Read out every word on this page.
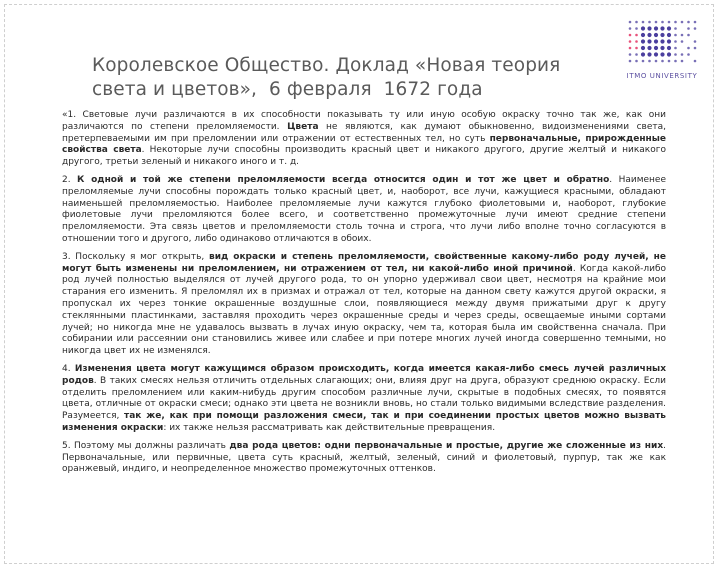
ITMO UNIVERSITY
Королевское Общество. Доклад «Новая теория
света и цветов»,  6 февраля  1672 года

«1. Световые лучи различаются в их способности показывать ту или иную особую окраску точно так же, как они различаются по степени преломляемости. Цвета не являются, как думают обыкновенно, видоизменениями света, претерпеваемыми им при преломлении или отражении от естественных тел, но суть первоначальные, прирожденные свойства света. Некоторые лучи способны производить красный цвет и никакого другого, другие желтый и никакого другого, третьи зеленый и никакого иного и т. д.

2. К одной и той же степени преломляемости всегда относится один и тот же цвет и обратно. Наименее преломляемые лучи способны порождать только красный цвет, и, наоборот, все лучи, кажущиеся красными, обладают наименьшей преломляемостью. Наиболее преломляемые лучи кажутся глубоко фиолетовыми и, наоборот, глубокие фиолетовые лучи преломляются более всего, и соответственно промежуточные лучи имеют средние степени преломляемости. Эта связь цветов и преломляемости столь точна и строга, что лучи либо вполне точно согласуются в отношении того и другого, либо одинаково отличаются в обоих.

3. Поскольку я мог открыть, вид окраски и степень преломляемости, свойственные какому-либо роду лучей, не могут быть изменены ни преломлением, ни отражением от тел, ни какой-либо иной причиной. Когда какой-либо род лучей полностью выделялся от лучей другого рода, то он упорно удерживал свои цвет, несмотря на крайние мои старания его изменить. Я преломлял их в призмах и отражал от тел, которые на данном свету кажутся другой окраски, я пропускал их через тонкие окрашенные воздушные слои, появляющиеся между двумя прижатыми друг к другу стеклянными пластинками, заставляя проходить через окрашенные среды и через среды, освещаемые иными сортами лучей; но никогда мне не удавалось вызвать в лучах иную окраску, чем та, которая была им свойственна сначала. При собирании или рассеянии они становились живее или слабее и при потере многих лучей иногда совершенно темными, но никогда цвет их не изменялся.

4. Изменения цвета могут кажущимся образом происходить, когда имеется какая-либо смесь лучей различных родов. В таких смесях нельзя отличить отдельных слагающих; они, влияя друг на друга, образуют среднюю окраску. Если отделить преломлением или каким-нибудь другим способом различные лучи, скрытые в подобных смесях, то появятся цвета, отличные от окраски смеси; однако эти цвета не возникли вновь, но стали только видимыми вследствие разделения. Разумеется, так же, как при помощи разложения смеси, так и при соединении простых цветов можно вызвать изменения окраски: их также нельзя рассматривать как действительные превращения.

5. Поэтому мы должны различать два рода цветов: одни первоначальные и простые, другие же сложенные из них. Первоначальные, или первичные, цвета суть красный, желтый, зеленый, синий и фиолетовый, пурпур, так же как оранжевый, индиго, и неопределенное множество промежуточных оттенков.
